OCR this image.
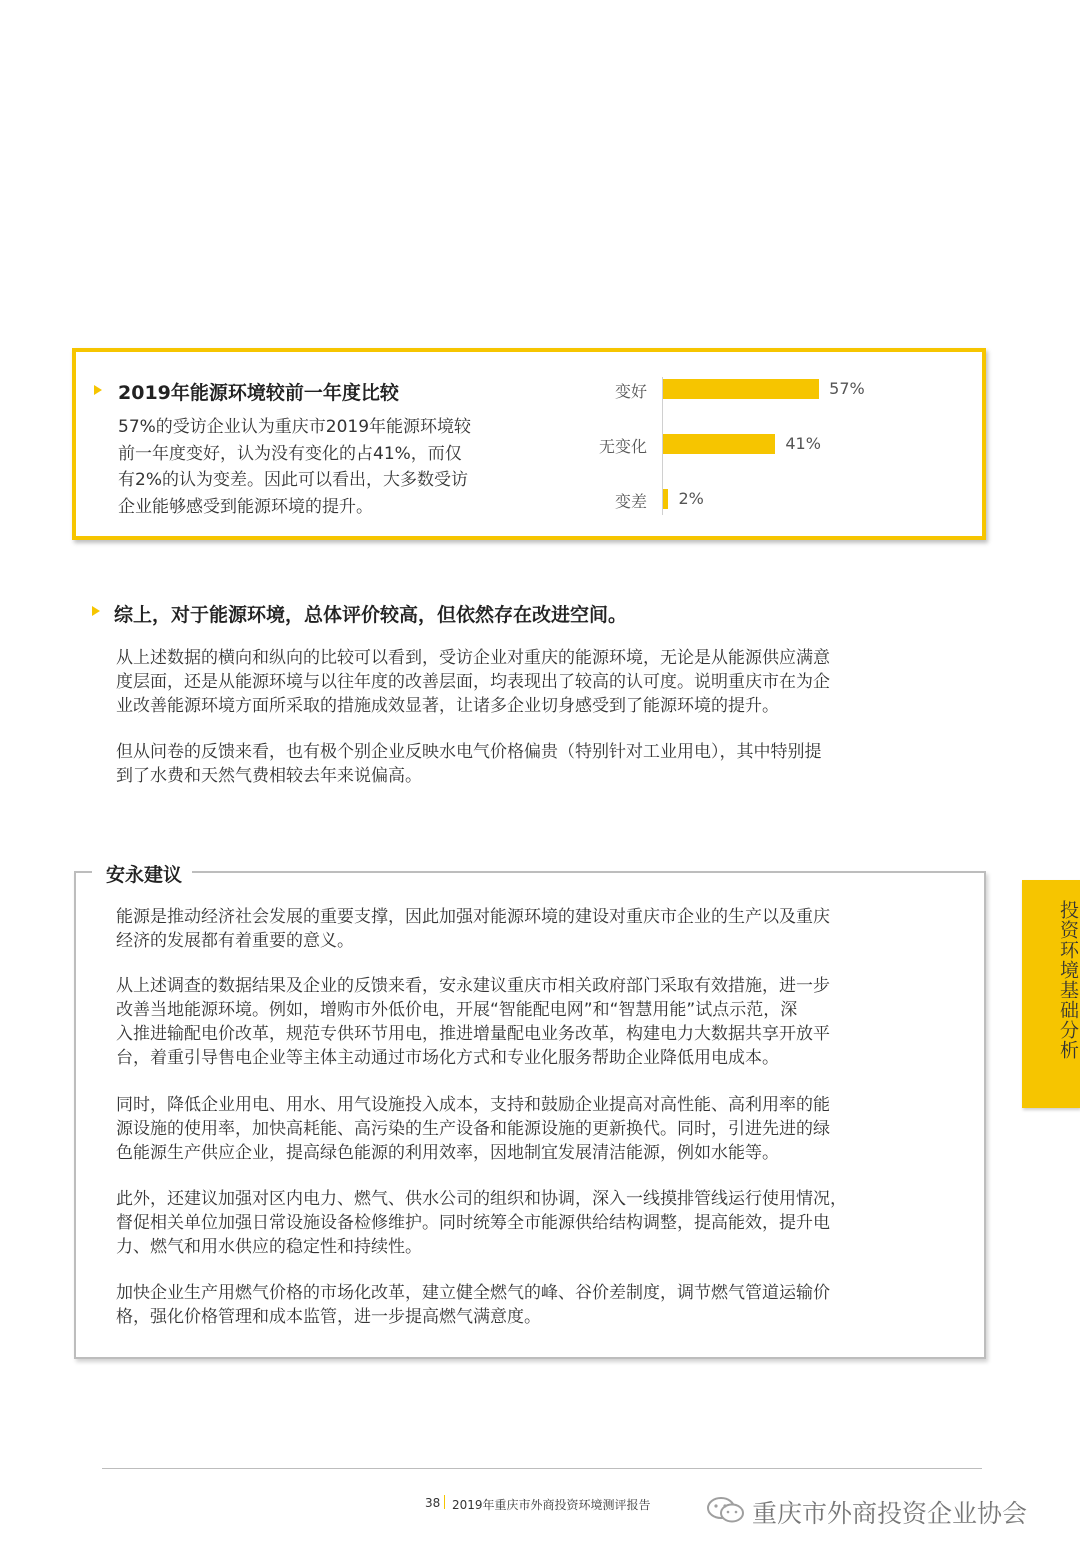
2019年能源环境较前一年度比较
57%的受访企业认为重庆市2019年能源环境较
前一年度变好，认为没有变化的占41%，而仅
有2%的认为变差。因此可以看出，大多数受访
企业能够感受到能源环境的提升。
变好	57%
无变化	41%
变差 2%
综上，对于能源环境，总体评价较高，但依然存在改进空间。
从上述数据的横向和纵向的比较可以看到，受访企业对重庆的能源环境，无论是从能源供应满意
度层面，还是从能源环境与以往年度的改善层面，均表现出了较高的认可度。说明重庆市在为企
业改善能源环境方面所采取的措施成效显著，让诸多企业切身感受到了能源环境的提升。
但从问卷的反馈来看，也有极个别企业反映水电气价格偏贵（特别针对工业用电），其中特别提
到了水费和天然气费相较去年来说偏高。
安永建议
能源是推动经济社会发展的重要支撑，因此加强对能源环境的建设对重庆市企业的生产以及重庆
经济的发展都有着重要的意义。
从上述调查的数据结果及企业的反馈来看，安永建议重庆市相关政府部门采取有效措施，进一步
改善当地能源环境。例如，增购市外低价电，开展“智能配电网”和“智慧用能”试点示范，深
入推进输配电价改革，规范专供环节用电，推进增量配电业务改革，构建电力大数据共享开放平
台，着重引导售电企业等主体主动通过市场化方式和专业化服务帮助企业降低用电成本。
同时，降低企业用电、用水、用气设施投入成本，支持和鼓励企业提高对高性能、高利用率的能
源设施的使用率，加快高耗能、高污染的生产设备和能源设施的更新换代。同时，引进先进的绿
色能源生产供应企业，提高绿色能源的利用效率，因地制宜发展清洁能源，例如水能等。
此外，还建议加强对区内电力、燃气、供水公司的组织和协调，深入一线摸排管线运行使用情况，
督促相关单位加强日常设施设备检修维护。同时统筹全市能源供给结构调整，提高能效，提升电
力、燃气和用水供应的稳定性和持续性。
加快企业生产用燃气价格的市场化改革，建立健全燃气的峰、谷价差制度，调节燃气管道运输价
格，强化价格管理和成本监管，进一步提高燃气满意度。
投资环境基础分析
38 2019年重庆市外商投资环境测评报告	重庆市外商投资企业协会
